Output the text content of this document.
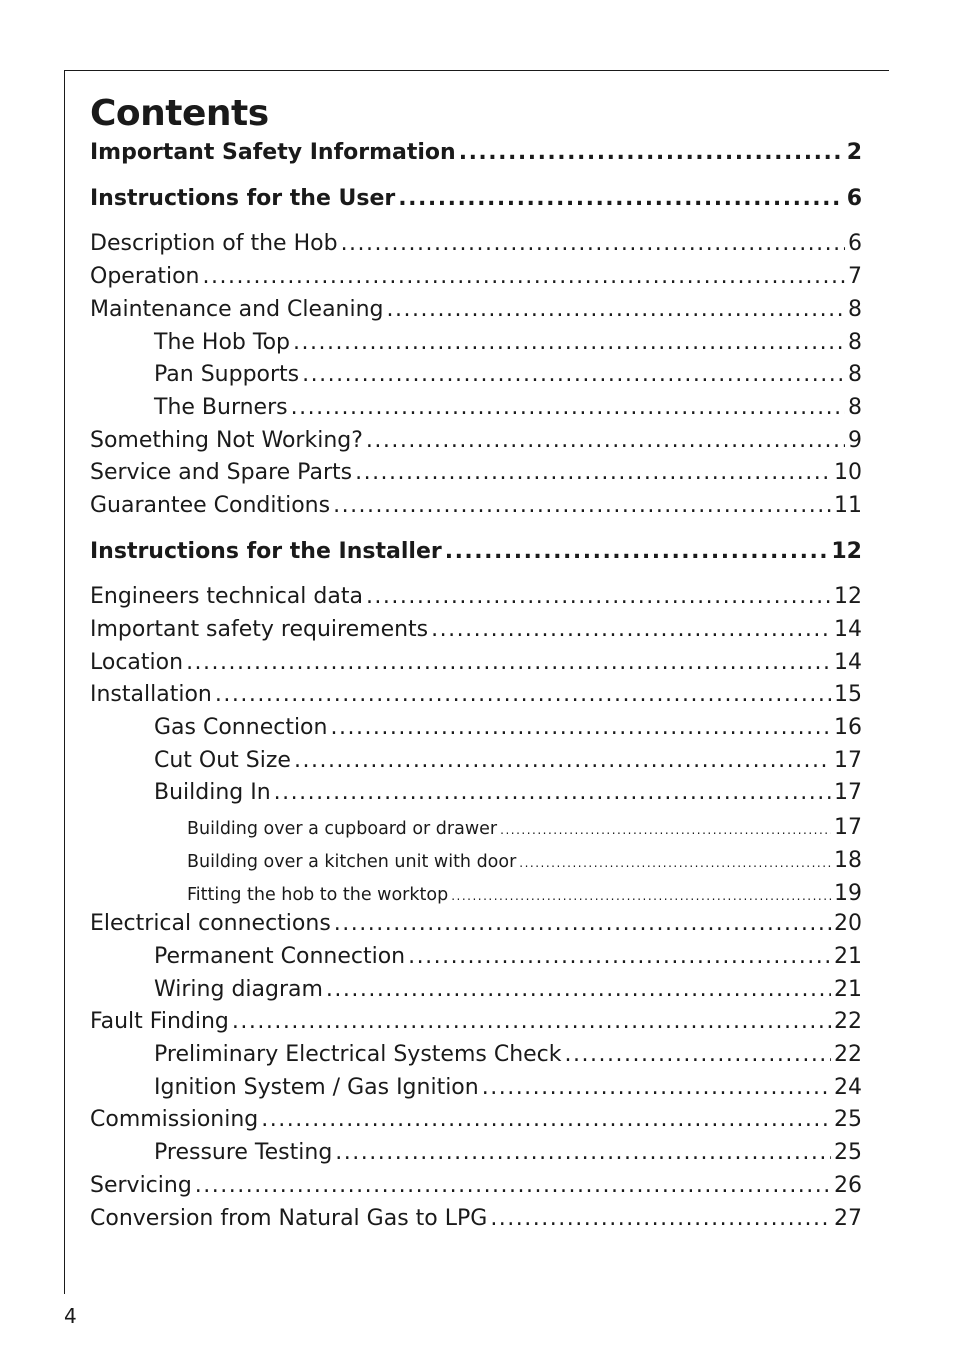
Contents
Important Safety Information .....	2
Instructions for the User .....	6
Description of the Hob .....	6
Operation .....	7
Maintenance and Cleaning .....	8
The Hob Top .....	8
Pan Supports .....	8
The Burners .....	8
Something Not Working? .....	9
Service and Spare Parts .....	10
Guarantee Conditions .....	11
Instructions for the Installer .....	12
Engineers technical data .....	12
Important safety requirements .....	14
Location .....	14
Installation .....	15
Gas Connection .....	16
Cut Out Size .....	17
Building In .....	17
Building over a cupboard or drawer .....	17
Building over a kitchen unit with door .....	18
Fitting the hob to the worktop .....	19
Electrical connections .....	20
Permanent Connection .....	21
Wiring diagram .....	21
Fault Finding .....	22
Preliminary Electrical Systems Check .....	22
Ignition System / Gas Ignition .....	24
Commissioning .....	25
Pressure Testing .....	25
Servicing .....	26
Conversion from Natural Gas to LPG .....	27
4
